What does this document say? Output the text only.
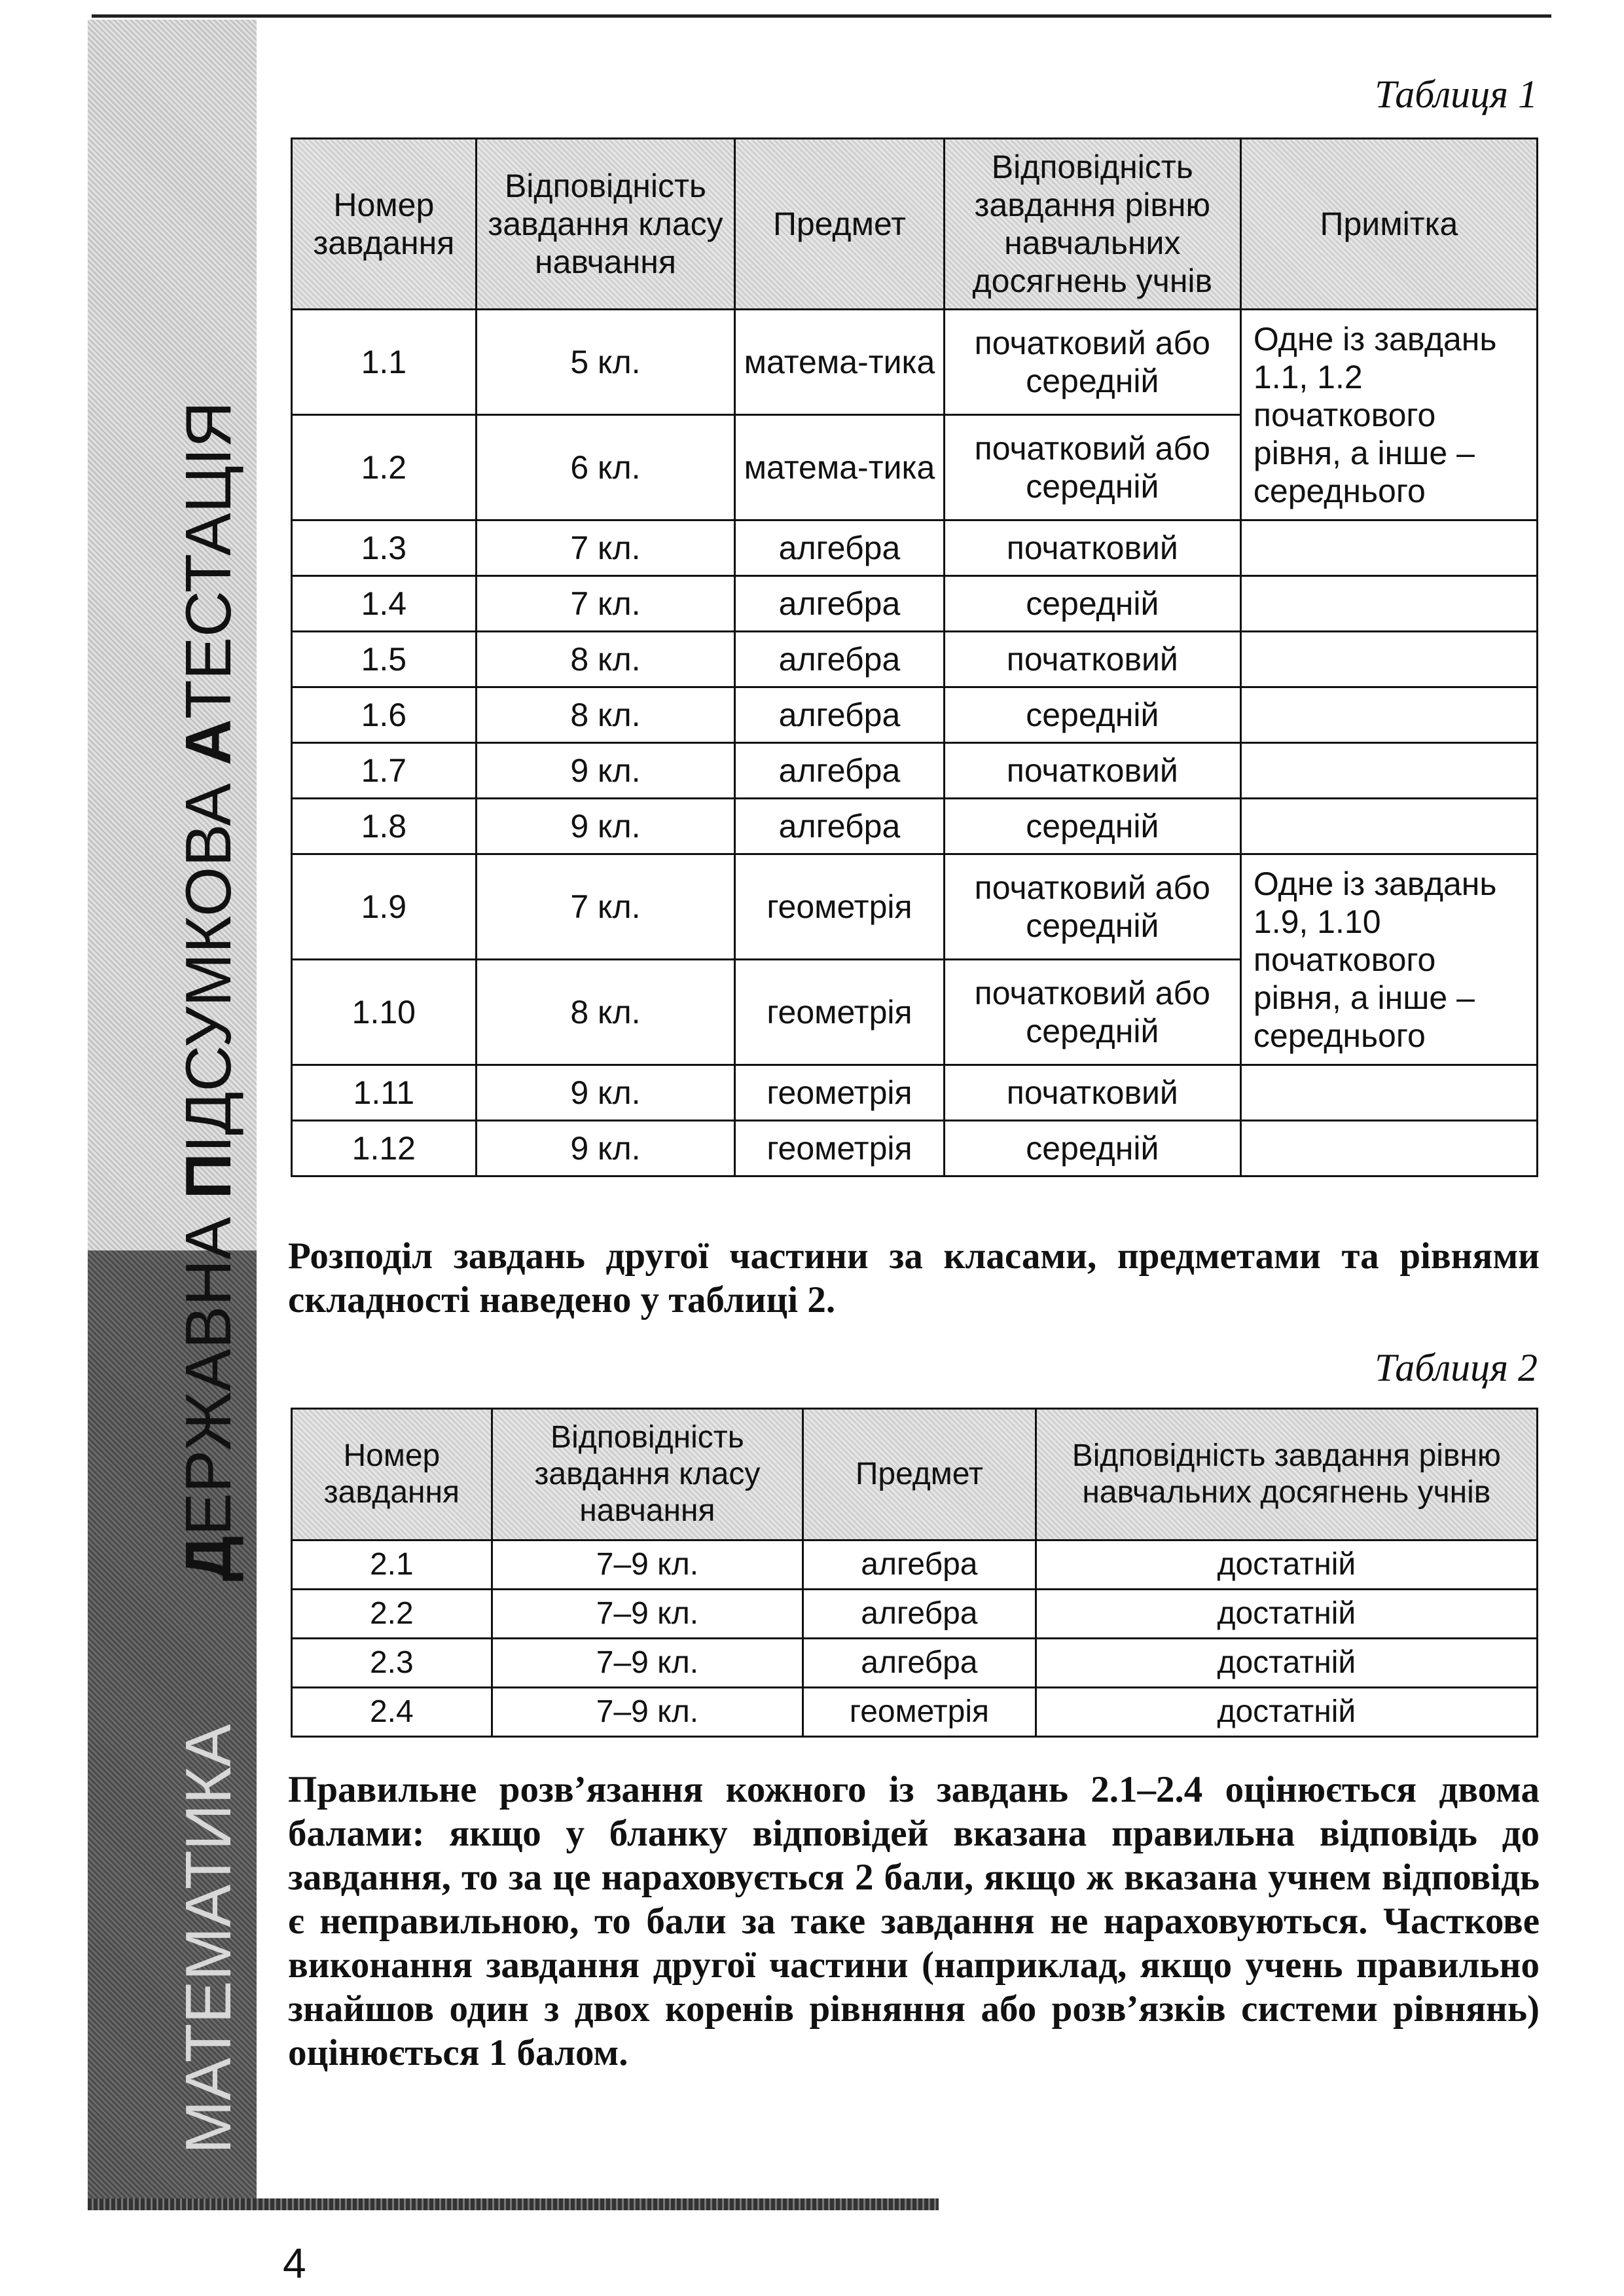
МАТЕМАТИКА        ДЕРЖАВНА ПІДСУМКОВА АТЕСТАЦІЯ
Таблиця 1
Номер завдання	Відповідність завдання класу навчання	Предмет	Відповідність завдання рівню навчальних досягнень учнів	Примітка
1.1	5 кл.	матема-тика	початковий або середній	Одне із завдань 1.1, 1.2 початкового рівня, а інше – середнього
1.2	6 кл.	матема-тика	початковий або середній	
1.3	7 кл.	алгебра	початковий	
1.4	7 кл.	алгебра	середній	
1.5	8 кл.	алгебра	початковий	
1.6	8 кл.	алгебра	середній	
1.7	9 кл.	алгебра	початковий	
1.8	9 кл.	алгебра	середній	
1.9	7 кл.	геометрія	початковий або середній	Одне із завдань 1.9, 1.10 початкового рівня, а інше – середнього
1.10	8 кл.	геометрія	початковий або середній	
1.11	9 кл.	геометрія	початковий	
1.12	9 кл.	геометрія	середній	

Розподіл завдань другої частини за класами, предметами та рівнями складності наведено у таблиці 2.

Таблиця 2
Номер завдання	Відповідність завдання класу навчання	Предмет	Відповідність завдання рівню навчальних досягнень учнів
2.1	7–9 кл.	алгебра	достатній
2.2	7–9 кл.	алгебра	достатній
2.3	7–9 кл.	алгебра	достатній
2.4	7–9 кл.	геометрія	достатній

Правильне розв’язання кожного із завдань 2.1–2.4 оцінюється двома балами: якщо у бланку відповідей вказана правильна відповідь до завдання, то за це нараховується 2 бали, якщо ж вказана учнем відповідь є неправильною, то бали за таке завдання не нараховуються. Часткове виконання завдання другої частини (наприклад, якщо учень правильно знайшов один з двох коренів рівняння або розв’язків системи рівнянь) оцінюється 1 балом.

4
